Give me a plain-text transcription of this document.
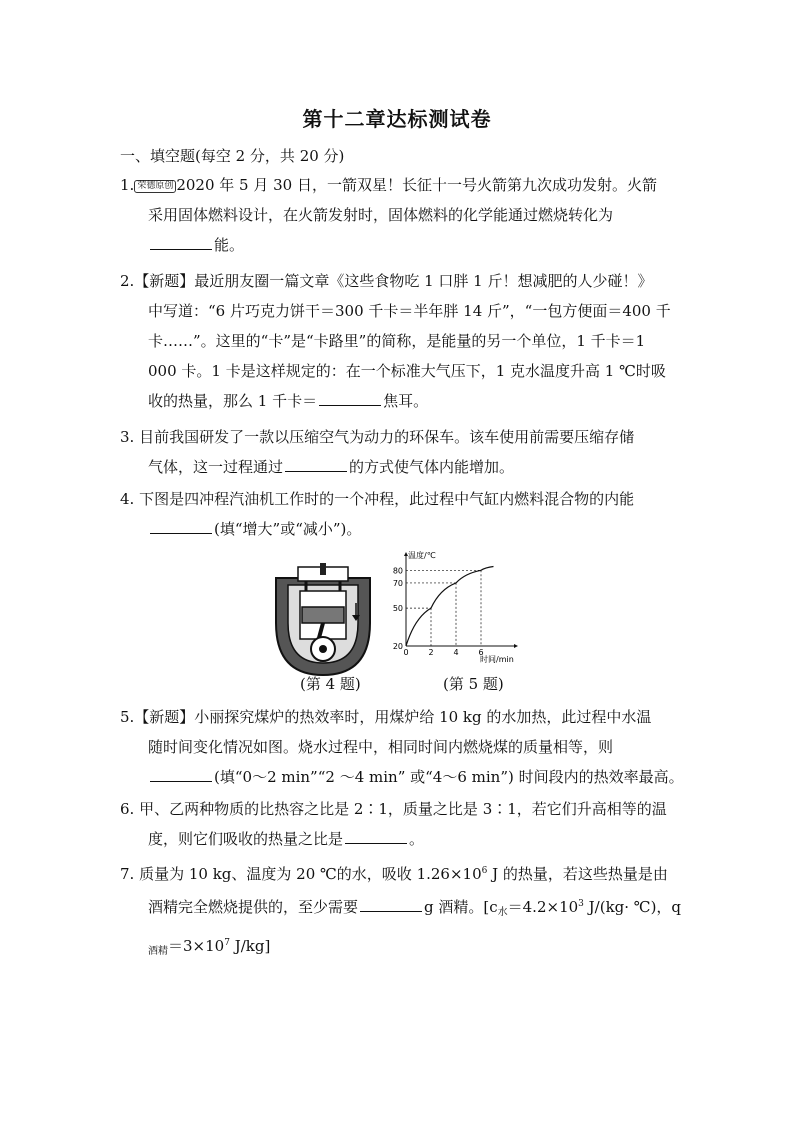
第十二章达标测试卷
一、填空题(每空 2 分，共 20 分)
1. 荣德原创 2020 年 5 月 30 日，一箭双星！长征十一号火箭第九次成功发射。火箭
采用固体燃料设计，在火箭发射时，固体燃料的化学能通过燃烧转化为
能。
2.【新题】最近朋友圈一篇文章《这些食物吃 1 口胖 1 斤！想减肥的人少碰！》
中写道：“6 片巧克力饼干＝300 千卡＝半年胖 14 斤”，“一包方便面＝400 千
卡……”。这里的“卡”是“卡路里”的简称，是能量的另一个单位，1 千卡＝1
000 卡。1 卡是这样规定的：在一个标准大气压下，1 克水温度升高 1 ℃时吸
收的热量，那么 1 千卡＝	焦耳。
3. 目前我国研发了一款以压缩空气为动力的环保车。该车使用前需要压缩存储
气体，这一过程通过	的方式使气体内能增加。
4. 下图是四冲程汽油机工作时的一个冲程，此过程中气缸内燃料混合物的内能
(填“增大”或“减小”)。
温度/℃
时间/min
0 2 4 6
20
50
70
80
(第 4 题)	(第 5 题)
5.【新题】小丽探究煤炉的热效率时，用煤炉给 10 kg 的水加热，此过程中水温
随时间变化情况如图。烧水过程中，相同时间内燃烧煤的质量相等，则
(填“0～2 min”“2 ～4 min” 或“4～6 min”) 时间段内的热效率最高。
6. 甲、乙两种物质的比热容之比是 2∶1，质量之比是 3∶1，若它们升高相等的温
度，则它们吸收的热量之比是	。
7. 质量为 10 kg、温度为 20 ℃的水，吸收 $1.26\times 10^6$ J 的热量，若这些热量是由
酒精完全燃烧提供的，至少需要	g 酒精。[$c_水=4.2\times 10^3$ J/(kg· ℃)，q
$_{酒精}=3\times 10^7$ J/kg]
